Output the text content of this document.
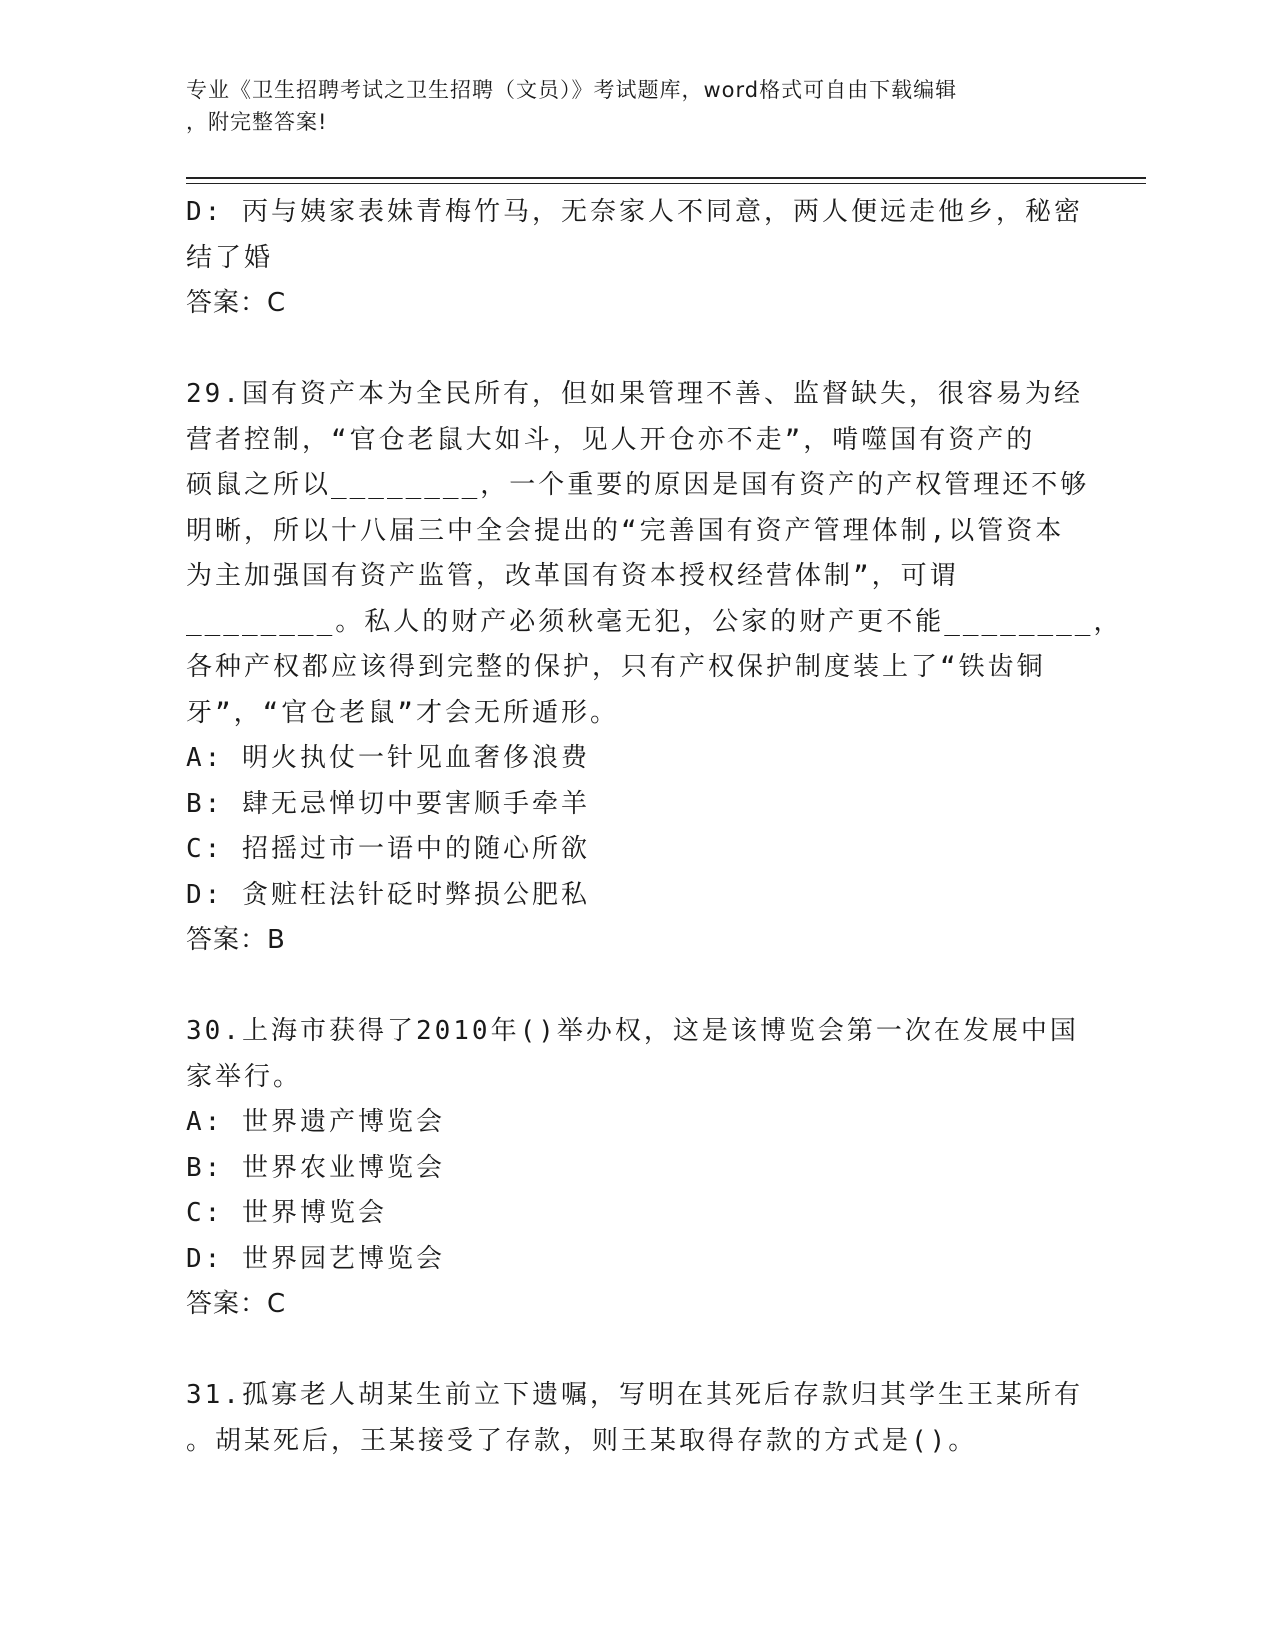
专业《卫生招聘考试之卫生招聘（文员）》考试题库，word格式可自由下载编辑
，附完整答案!
D: 丙与姨家表妹青梅竹马，无奈家人不同意，两人便远走他乡，秘密
结了婚
答案：C
29.国有资产本为全民所有，但如果管理不善、监督缺失，很容易为经
营者控制，“官仓老鼠大如斗，见人开仓亦不走”，啃噬国有资产的
硕鼠之所以________，一个重要的原因是国有资产的产权管理还不够
明晰，所以十八届三中全会提出的“完善国有资产管理体制,以管资本
为主加强国有资产监管，改革国有资本授权经营体制”，可谓
________。私人的财产必须秋毫无犯，公家的财产更不能________，
各种产权都应该得到完整的保护，只有产权保护制度装上了“铁齿铜
牙”，“官仓老鼠”才会无所遁形。
A: 明火执仗一针见血奢侈浪费
B: 肆无忌惮切中要害顺手牵羊
C: 招摇过市一语中的随心所欲
D: 贪赃枉法针砭时弊损公肥私
答案：B
30.上海市获得了2010年()举办权，这是该博览会第一次在发展中国
家举行。
A: 世界遗产博览会
B: 世界农业博览会
C: 世界博览会
D: 世界园艺博览会
答案：C
31.孤寡老人胡某生前立下遗嘱，写明在其死后存款归其学生王某所有
。胡某死后，王某接受了存款，则王某取得存款的方式是()。
